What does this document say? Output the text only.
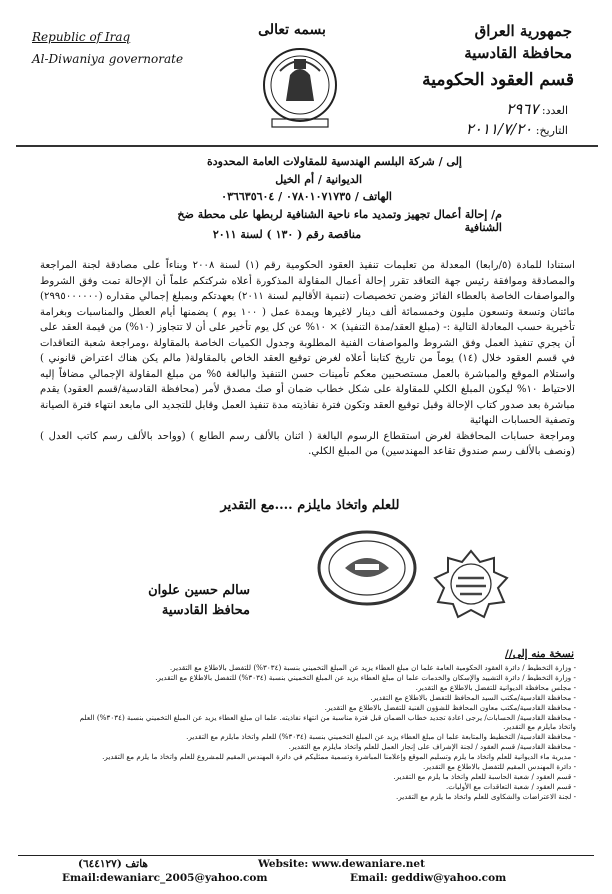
Republic of Iraq
Al-Diwaniya governorate
بسمه تعالى	جمهورية العراق
محافظة القادسية
قسم العقود الحكومية
العدد: ٢٩٦٧
التاريخ: ٢٠١١/٧/٢٠
إلى / شركة البلسم الهندسية للمقاولات العامة المحدودة
الديوانية / أم الخيل
الهاتف / ٠٧٨٠١٠٧١٧٣٥ / ٠٣٦٦٣٥٦٠٤
م/ إحالة أعمال تجهيز وتمديد ماء ناحية الشنافية لربطها على محطة ضخ الشنافية
مناقصة رقم ( ١٣٠ ) لسنة ٢٠١١

استنادا للمادة (٥/رابعا) المعدلة من تعليمات تنفيذ العقود الحكومية رقم (١) لسنة ٢٠٠٨ وبناءاً على مصادقة لجنة المراجعة والمصادقة وموافقة رئيس جهة التعاقد تقرر إحالة أعمال المقاولة المذكورة أعلاه شركتكم علماً أن الإحالة تمت وفق الشروط والمواصفات الخاصة بالعطاء الفائز وضمن تخصيصات (تنمية الأقاليم لسنة ٢٠١١) بعهدتكم وبمبلغ إجمالي مقداره (٢٩٩٥٠٠٠٠٠٠) مائتان وتسعة وتسعون مليون وخمسمائة ألف دينار لاغيرها ويمدة عمل ( ١٠٠ يوم ) يضمنها أيام العطل والمناسبات وبغرامة تأخيرية حسب المعادلة التالية :- (مبلغ العقد/مدة التنفيذ) × ١٠% عن كل يوم تأخير على أن لا تتجاوز (١٠%) من قيمة العقد على أن يجري تنفيذ العمل وفق الشروط والمواصفات الفنية المطلوبة وجدول الكميات الخاصة بالمقاولة ،ومراجعة شعبة التعاقدات في قسم العقود خلال (١٤) يوماً من تاريخ كتابنا أعلاه لغرض توقيع العقد الخاص بالمقاولة( مالم يكن هناك اعتراض قانوني ) واستلام الموقع والمباشرة بالعمل مستصحبين معكم تأمينات حسن التنفيذ والبالغة ٥% من مبلغ المقاولة الإجمالي مضافاً إليه الاحتياط ١٠% ليكون المبلغ الكلي للمقاولة على شكل خطاب ضمان أو صك مصدق لأمر (محافظة القادسية/قسم العقود) يقدم مباشرة بعد صدور كتاب الإحالة وقبل توقيع العقد وتكون فترة نفاذيته مدة تنفيذ العمل وقابل للتجديد الى مابعد انتهاء فترة الصيانة وتصفية الحسابات النهائية

ومراجعة حسابات المحافظة لغرض استقطاع الرسوم البالغة ( اثنان بالألف رسم الطابع ) (وواحد بالألف رسم كاتب العدل ) (ونصف بالألف رسم صندوق تقاعد المهندسين) من المبلغ الكلي.

للعلم واتخاذ مايلزم ....مع التقدير
سالم حسين علوان
محافظ القادسية
نسخة منه إلى//
- وزارة التخطيط / دائرة العقود الحكومية العامة علما ان مبلغ العطاء يزيد عن المبلغ التخميني بنسبة (٣٠٣٤%) للتفضل بالاطلاع مع التقدير.
- وزارة التخطيط / دائرة التشييد والإسكان والخدمات علما ان مبلغ العطاء يزيد عن المبلغ التخميني بنسبة (٣٠٣٤%) للتفضل بالاطلاع مع التقدير.
- مجلس محافظة الديوانية للتفضل بالاطلاع مع التقدير.
- محافظة القادسية/مكتب السيد المحافظ للتفضل بالاطلاع مع التقدير.
- محافظة القادسية/مكتب معاون المحافظ للشؤون الفنية للتفضل بالاطلاع مع التقدير.
- محافظة القادسية/ الحسابات/ يرجى اعادة تجديد خطاب الضمان قبل فترة مناسبة من انتهاء نفاذيته. علما ان مبلغ العطاء يزيد عن المبلغ التخميني بنسبة (٣٠٣٤%) العلم
واتخاذ مايلزم مع التقدير.
- محافظة القادسية/ التخطيط والمتابعة علما ان مبلغ العطاء يزيد عن المبلغ التخميني بنسبة (٣٠٣٤%) للعلم واتخاذ مايلزم مع التقدير.
- محافظة القادسية/ قسم العقود / لجنة الإشراف على إنجاز العمل للعلم واتخاذ مايلزم مع التقدير.
- مديرية ماء الديوانية للعلم واتخاذ ما يلزم وتسليم الموقع وإعلامنا المباشرة وتسمية ممثليكم في دائرة المهندس المقيم للمشروع للعلم واتخاذ ما يلزم مع التقدير.
- دائرة المهندس المقيم للتفضل بالاطلاع مع التقدير.
- قسم العقود / شعبة الحاسبة للعلم واتخاذ ما يلزم مع التقدير.
- قسم العقود / شعبة التعاقدات مع الأوليات.
- لجنة الاعتراضات والشكاوى للعلم واتخاذ ما يلزم مع التقدير.
هاتف (٦٤٤١٢٧)	Website: www.dewaniare.net
Email:dewaniarc_2005@yahoo.com	Email: geddiw@yahoo.com
